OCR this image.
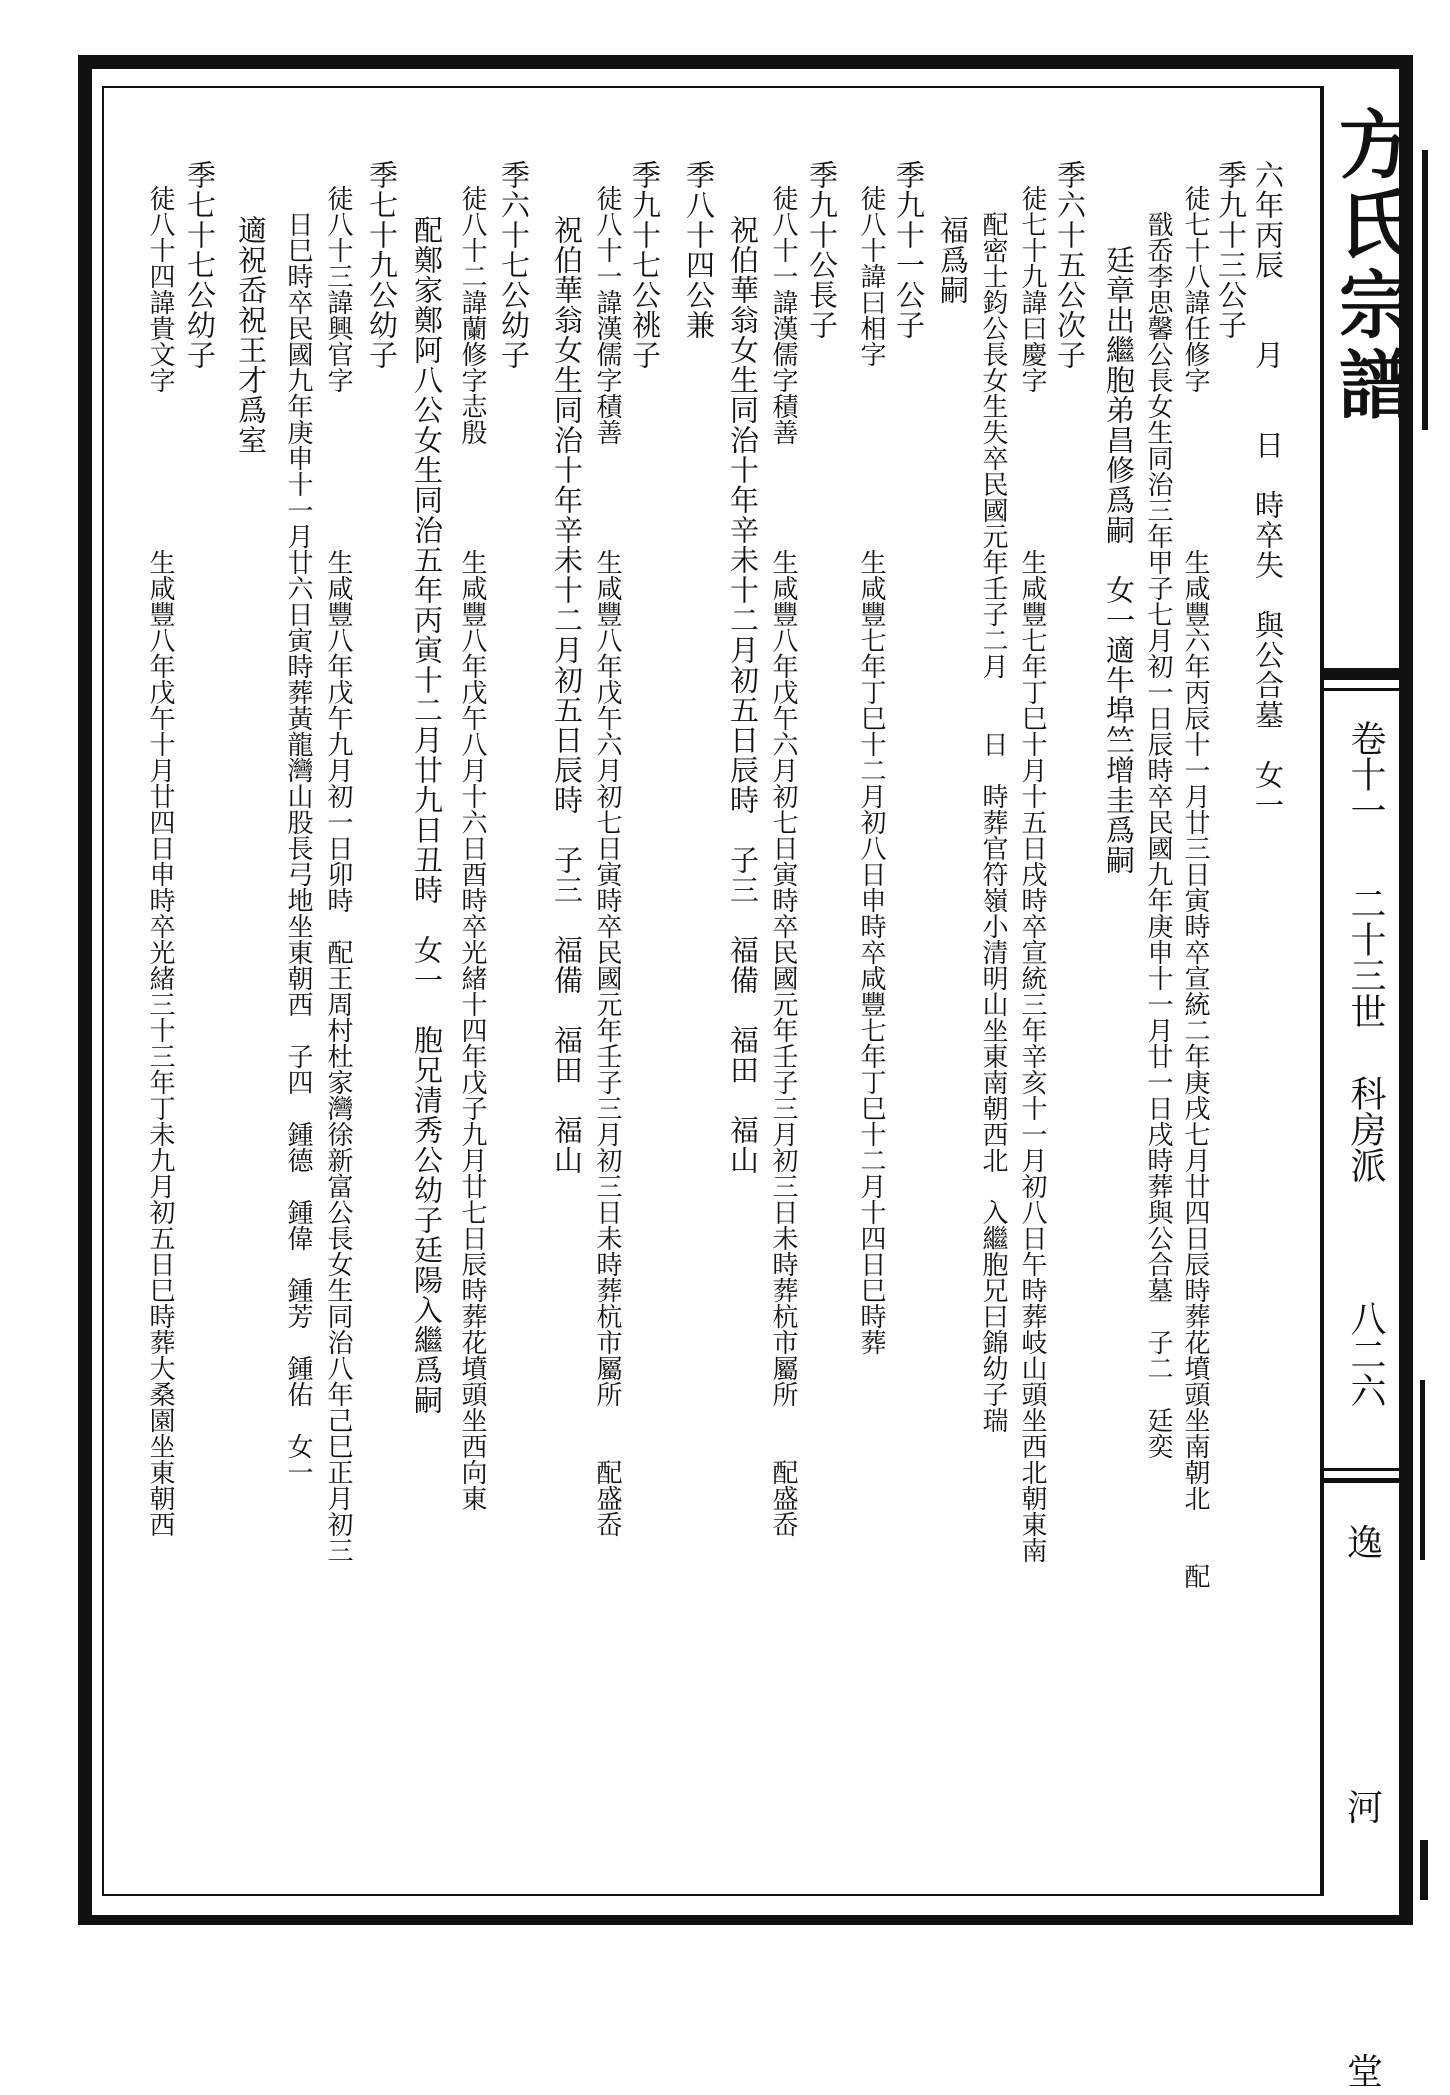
六年丙辰　　月　　日　時卒失　與公合墓　女一
季九十三公子
徒七十八諱任修字　　　　　　生咸豐六年丙辰十一月廿三日寅時卒宣統二年庚戌七月廿四日辰時葬花墳頭坐南朝北　　配
　戩岙李思馨公長女生同治三年甲子七月初一日辰時卒民國九年庚申十一月廿一日戌時葬與公合墓　子二　廷奕
　　廷章出繼胞弟昌修爲嗣　女一適牛埠竺增圭爲嗣
季六十五公次子
徒七十九諱曰慶字　　　　　　生咸豐七年丁巳十月十五日戌時卒宣統三年辛亥十一月初八日午時葬岐山頭坐西北朝東南
　配密士鈞公長女生失卒民國元年壬子二月　　日　時葬官符嶺小清明山坐東南朝西北　入繼胞兄曰錦幼子瑞
　福爲嗣
季九十一公子
徒八十諱曰相字　　　　　　　生咸豐七年丁巳十二月初八日申時卒咸豐七年丁巳十二月十四日巳時葬
季九十公長子
徒八十一諱漢儒字積善　　　　生咸豐八年戊午六月初七日寅時卒民國元年壬子三月初三日未時葬杭市屬所　　配盛岙
　祝伯華翁女生同治十年辛未十二月初五日辰時　子三　福備　福田　福山
季八十四公兼
季九十七公祧子
徒八十一諱漢儒字積善　　　　生咸豐八年戊午六月初七日寅時卒民國元年壬子三月初三日未時葬杭市屬所　　配盛岙
　祝伯華翁女生同治十年辛未十二月初五日辰時　子三　福備　福田　福山
季六十七公幼子
徒八十二諱蘭修字志殷　　　　生咸豐八年戊午八月十六日酉時卒光緒十四年戊子九月廿七日辰時葬花墳頭坐西向東
　配鄭家鄭阿八公女生同治五年丙寅十二月廿九日丑時　女一　胞兄清秀公幼子廷陽入繼爲嗣
季七十九公幼子
徒八十三諱興官字　　　　　　生咸豐八年戊午九月初一日卯時　配王周村杜家灣徐新富公長女生同治八年己巳正月初三
　日巳時卒民國九年庚申十一月廿六日寅時葬黃龍灣山股長弓地坐東朝西　子四　鍾德　鍾偉　鍾芳　鍾佑　女一
　適祝岙祝王才爲室
季七十七公幼子
徒八十四諱貴文字　　　　　　生咸豐八年戊午十月廿四日申時卒光緒三十三年丁未九月初五日巳時葬大桑園坐東朝西	方氏宗譜
卷十一
二十三世
科房派
八二六
逸
河
堂
